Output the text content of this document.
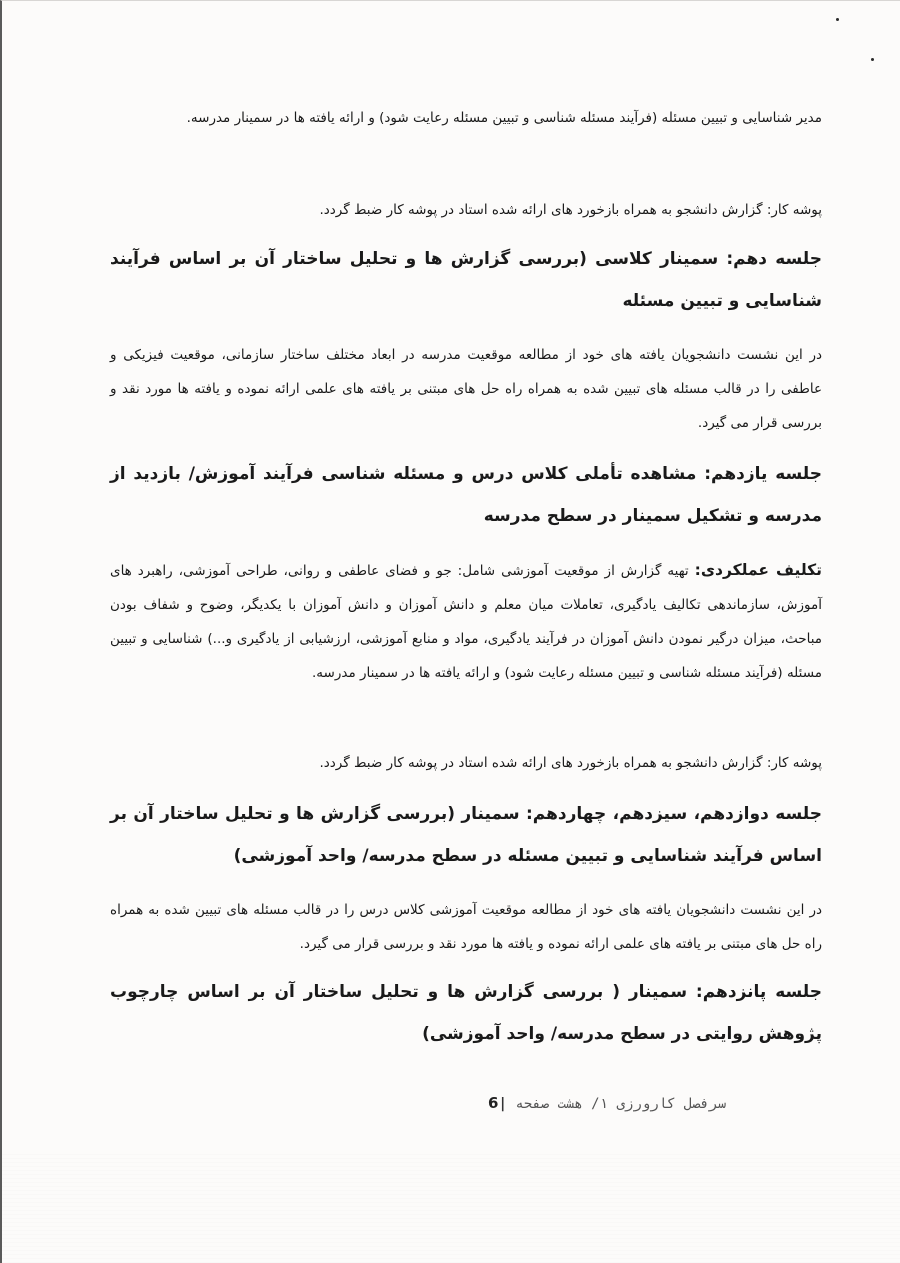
مدیر شناسایی و تبیین مسئله (فرآیند مسئله شناسی و تبیین مسئله رعایت شود) و ارائه یافته ها در سمینار مدرسه.
پوشه کار: گزارش دانشجو به همراه بازخورد های ارائه شده استاد در پوشه کار ضبط گردد.
جلسه دهم: سمینار کلاسی (بررسی گزارش ها و تحلیل ساختار آن بر اساس فرآیند شناسایی و تبیین مسئله
در این نشست دانشجویان یافته های خود از مطالعه موقعیت مدرسه در ابعاد مختلف ساختار سازمانی، موقعیت فیزیکی و عاطفی را در قالب مسئله های تبیین شده به همراه راه حل های مبتنی بر یافته های علمی ارائه نموده و یافته ها مورد نقد و بررسی قرار می گیرد.
جلسه یازدهم: مشاهده تأملی کلاس درس و مسئله شناسی فرآیند آموزش/ بازدید از مدرسه و تشکیل سمینار در سطح مدرسه
تکلیف عملکردی: تهیه گزارش از موقعیت آموزشی شامل: جو و فضای عاطفی و روانی، طراحی آموزشی، راهبرد های آموزش، سازماندهی تکالیف یادگیری، تعاملات میان معلم و دانش آموزان و دانش آموزان با یکدیگر، وضوح و شفاف بودن مباحث، میزان درگیر نمودن دانش آموزان در فرآیند یادگیری، مواد و منابع آموزشی، ارزشیابی از یادگیری و...) شناسایی و تبیین مسئله (فرآیند مسئله شناسی و تبیین مسئله رعایت شود) و ارائه یافته ها در سمینار مدرسه.
پوشه کار: گزارش دانشجو به همراه بازخورد های ارائه شده استاد در پوشه کار ضبط گردد.
جلسه دوازدهم، سیزدهم، چهاردهم: سمینار (بررسی گزارش ها و تحلیل ساختار آن بر اساس فرآیند شناسایی و تبیین مسئله در سطح مدرسه/ واحد آموزشی)
در این نشست دانشجویان یافته های خود از مطالعه موقعیت آموزشی کلاس درس را در قالب مسئله های تبیین شده به همراه راه حل های مبتنی بر یافته های علمی ارائه نموده و یافته ها مورد نقد و بررسی قرار می گیرد.
جلسه پانزدهم: سمینار ( بررسی گزارش ها و تحلیل ساختار آن بر اساس چارچوب پژوهش روایتی در سطح مدرسه/ واحد آموزشی)
6| سرفصل کارورزی ۱/ هشت صفحه
